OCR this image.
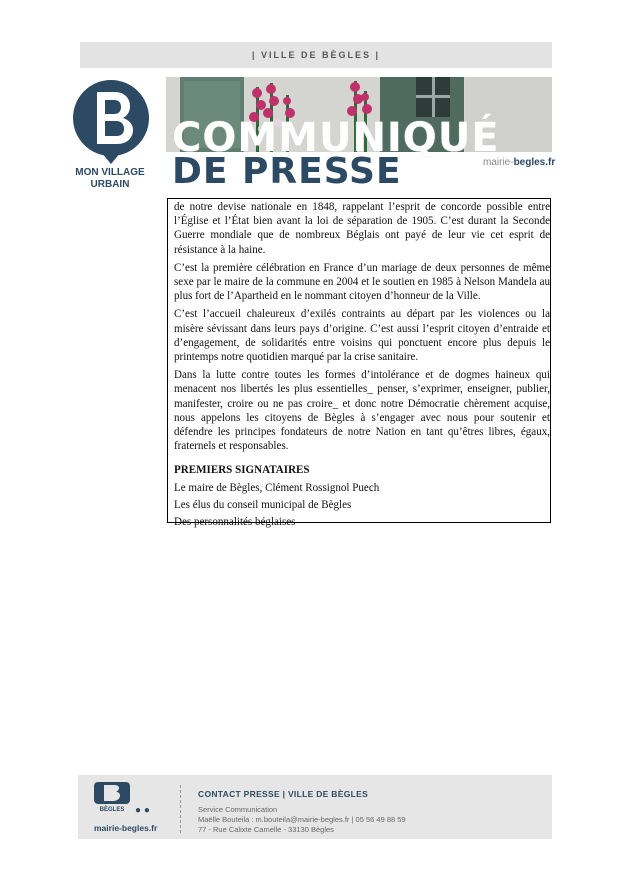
| VILLE DE BÈGLES |
MON VILLAGE
URBAIN
COMMUNIQUÉ
DE PRESSE	mairie-begles.fr

de notre devise nationale en 1848, rappelant l’esprit de concorde possible entre l’Église et l’État bien avant la loi de séparation de 1905. C’est durant la Seconde Guerre mondiale que de nombreux Béglais ont payé de leur vie cet esprit de résistance à la haine.

C’est la première célébration en France d’un mariage de deux personnes de même sexe par le maire de la commune en 2004 et le soutien en 1985 à Nelson Mandela au plus fort de l’Apartheid en le nommant citoyen d’honneur de la Ville.

C’est l’accueil chaleureux d’exilés contraints au départ par les violences ou la misère sévissant dans leurs pays d’origine. C’est aussi l’esprit citoyen d’entraide et d’engagement, de solidarités entre voisins qui ponctuent encore plus depuis le printemps notre quotidien marqué par la crise sanitaire.

Dans la lutte contre toutes les formes d’intolérance et de dogmes haineux qui menacent nos libertés les plus essentielles_ penser, s’exprimer, enseigner, publier, manifester, croire ou ne pas croire_ et donc notre Démocratie chèrement acquise, nous appelons les citoyens de Bègles à s’engager avec nous pour soutenir et défendre les principes fondateurs de notre Nation en tant qu’êtres libres, égaux, fraternels et responsables.

PREMIERS SIGNATAIRES

Le maire de Bègles, Clément Rossignol Puech

Les élus du conseil municipal de Bègles

Des personnalités béglaises

BÈGLES ● ●
mairie-begles.fr
CONTACT PRESSE | VILLE DE BÈGLES
Service Communication
Maëlle Bouteila : m.bouteila@mairie-begles.fr | 05 56 49 88 59
77 - Rue Calixte Camelle - 33130 Bègles
